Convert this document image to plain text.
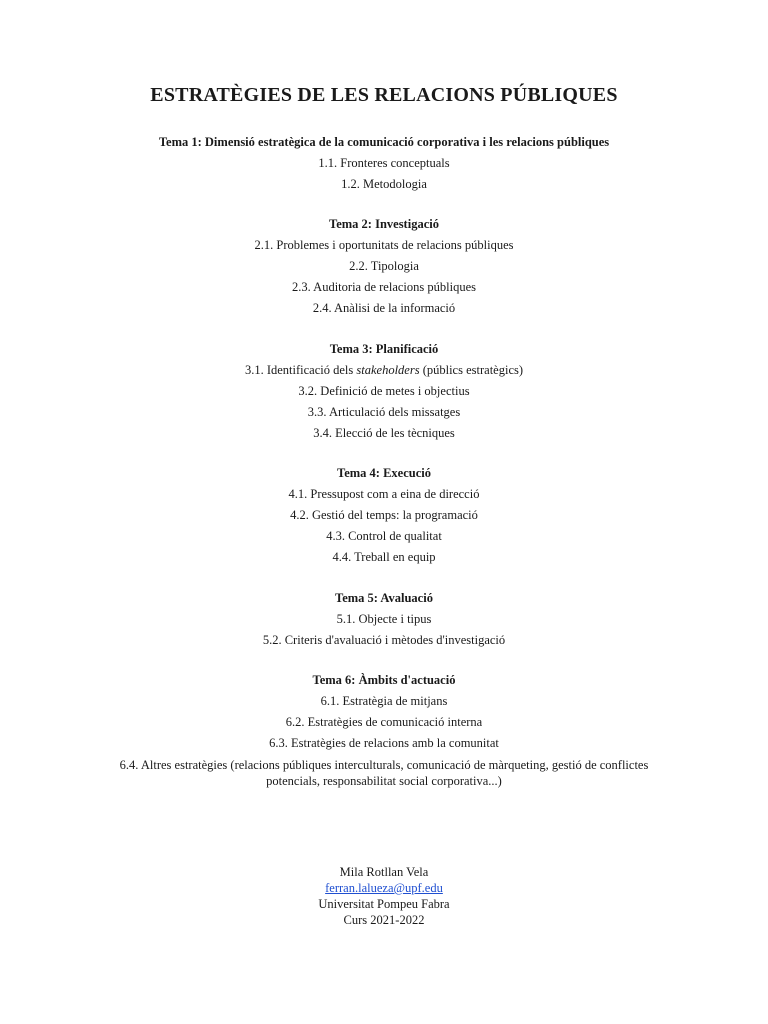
ESTRATÈGIES DE LES RELACIONS PÚBLIQUES
Tema 1: Dimensió estratègica de la comunicació corporativa i les relacions públiques
1.1. Fronteres conceptuals
1.2. Metodologia
Tema 2: Investigació
2.1. Problemes i oportunitats de relacions públiques
2.2. Tipologia
2.3. Auditoria de relacions públiques
2.4. Anàlisi de la informació
Tema 3: Planificació
3.1. Identificació dels stakeholders (públics estratègics)
3.2. Definició de metes i objectius
3.3. Articulació dels missatges
3.4. Elecció de les tècniques
Tema 4: Execució
4.1. Pressupost com a eina de direcció
4.2. Gestió del temps: la programació
4.3. Control de qualitat
4.4. Treball en equip
Tema 5: Avaluació
5.1. Objecte i tipus
5.2. Criteris d'avaluació i mètodes d'investigació
Tema 6: Àmbits d'actuació
6.1. Estratègia de mitjans
6.2. Estratègies de comunicació interna
6.3. Estratègies de relacions amb la comunitat
6.4. Altres estratègies (relacions públiques interculturals, comunicació de màrqueting, gestió de conflictes potencials, responsabilitat social corporativa...)
Mila Rotllan Vela
ferran.lalueza@upf.edu
Universitat Pompeu Fabra
Curs 2021-2022
